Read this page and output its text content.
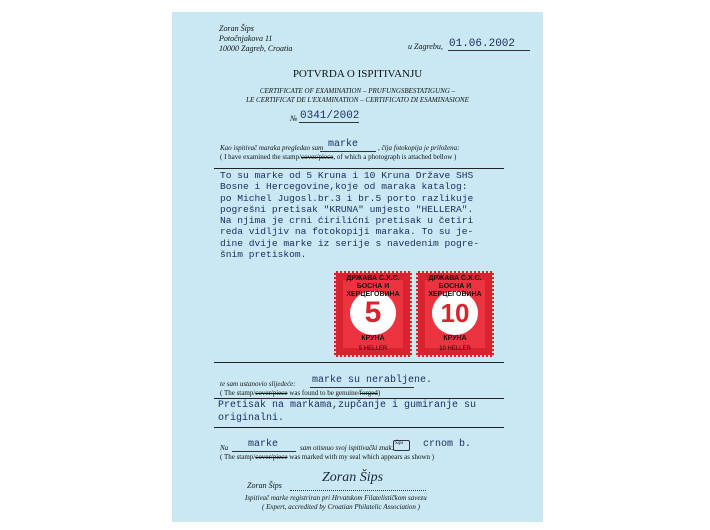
Zoran Šips
Potočnjakova 11
10000 Zagreb, Croatia	u Zagrebu, 01.06.2002
POTVRDA O ISPITIVANJU
CERTIFICATE OF EXAMINATION – PRUFUNGSBESTATIGUNG –
LE CERTIFICAT DE L'EXAMINATION – CERTIFICATO DI ESAMINASIONE
№ 0341/2002
Kao ispitivač maraka pregledao sam marke	, čija fotokopija je priložena:
( I have examined the stamp/cover/piece, of which a photograph is attached bellow )
To su marke od 5 Kruna i 10 Kruna Države SHS
Bosne i Hercegovine,koje od maraka katalog:
po Michel Jugosl.br.3 i br.5 porto razlikuje
pogrešni pretisak "KRUNA" umjesto "HELLERA".
Na njima je crni ćirilićni pretisak u četiri
reda vidljiv na fotokopiji maraka. To su je-
dine dvije marke iz serije s navedenim pogre-
šnim pretiskom.
5
ДРЖАВА С.Х.С.
БОСНА И
ХЕРЦЕГОВИНА
КРУНА
5 HELLER
10
ДРЖАВА С.Х.С.
БОСНА И
ХЕРЦЕГОВИНА
КРУНА
10 HELLER
te sam ustanovio slijedeće: marke su nerabljene.
( The stamp/cover/piece was found to be genuine/forged)
Pretisak na markama,zupčanje i gumiranje su
originalni.
Na marke	sam otisnuo svoj ispitivački znak:
Šips crnom b.
( The stamp/cover/piece was marked with my seal which appears as shown )
Zoran Šips
Zoran Šips
Ispitivač marke registriran pri Hrvatskom Filatelističkom savezu
( Expert, accredited by Croatian Philatelic Association )
